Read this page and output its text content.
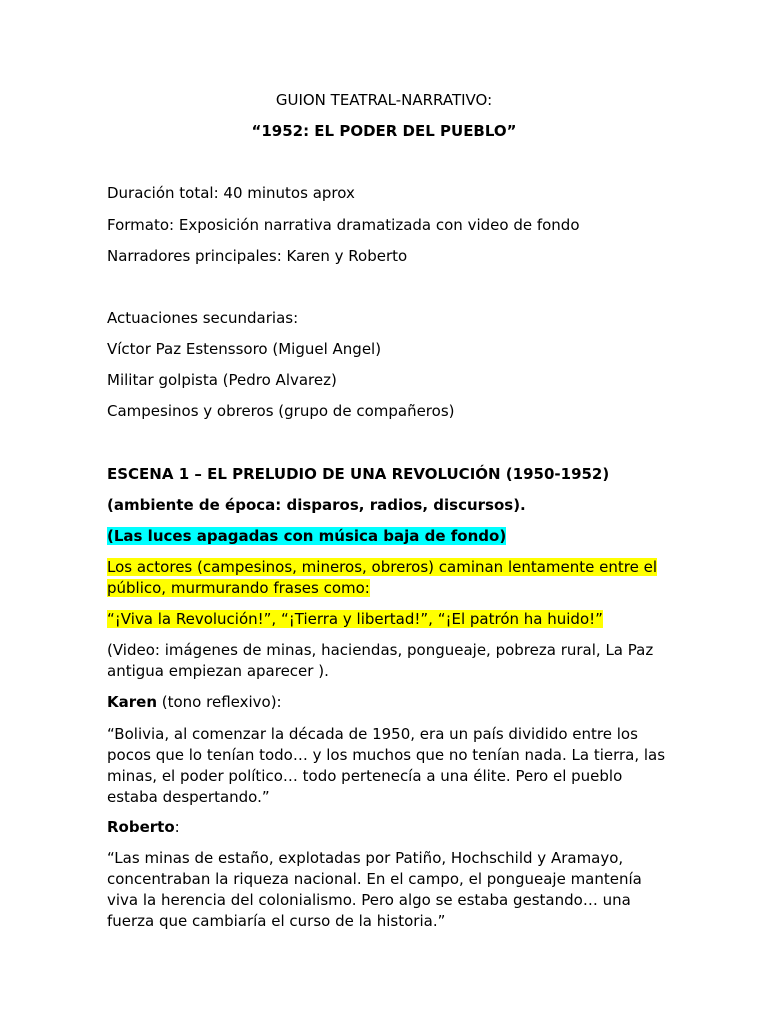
GUION TEATRAL-NARRATIVO:

“1952: EL PODER DEL PUEBLO”

Duración total: 40 minutos aprox

Formato: Exposición narrativa dramatizada con video de fondo

Narradores principales: Karen y Roberto

Actuaciones secundarias:

Víctor Paz Estenssoro (Miguel Angel)

Militar golpista (Pedro Alvarez)

Campesinos y obreros (grupo de compañeros)

ESCENA 1 – EL PRELUDIO DE UNA REVOLUCIÓN (1950-1952)

(ambiente de época: disparos, radios, discursos).

(Las luces apagadas con música baja de fondo)

Los actores (campesinos, mineros, obreros) caminan lentamente entre el

público, murmurando frases como:

“¡Viva la Revolución!”, “¡Tierra y libertad!”, “¡El patrón ha huido!”

(Video: imágenes de minas, haciendas, pongueaje, pobreza rural, La Paz antigua empiezan aparecer ).

Karen (tono reflexivo):

“Bolivia, al comenzar la década de 1950, era un país dividido entre los pocos que lo tenían todo… y los muchos que no tenían nada. La tierra, las minas, el poder político… todo pertenecía a una élite. Pero el pueblo estaba despertando.”

Roberto:

“Las minas de estaño, explotadas por Patiño, Hochschild y Aramayo, concentraban la riqueza nacional. En el campo, el pongueaje mantenía viva la herencia del colonialismo. Pero algo se estaba gestando… una fuerza que cambiaría el curso de la historia.”
